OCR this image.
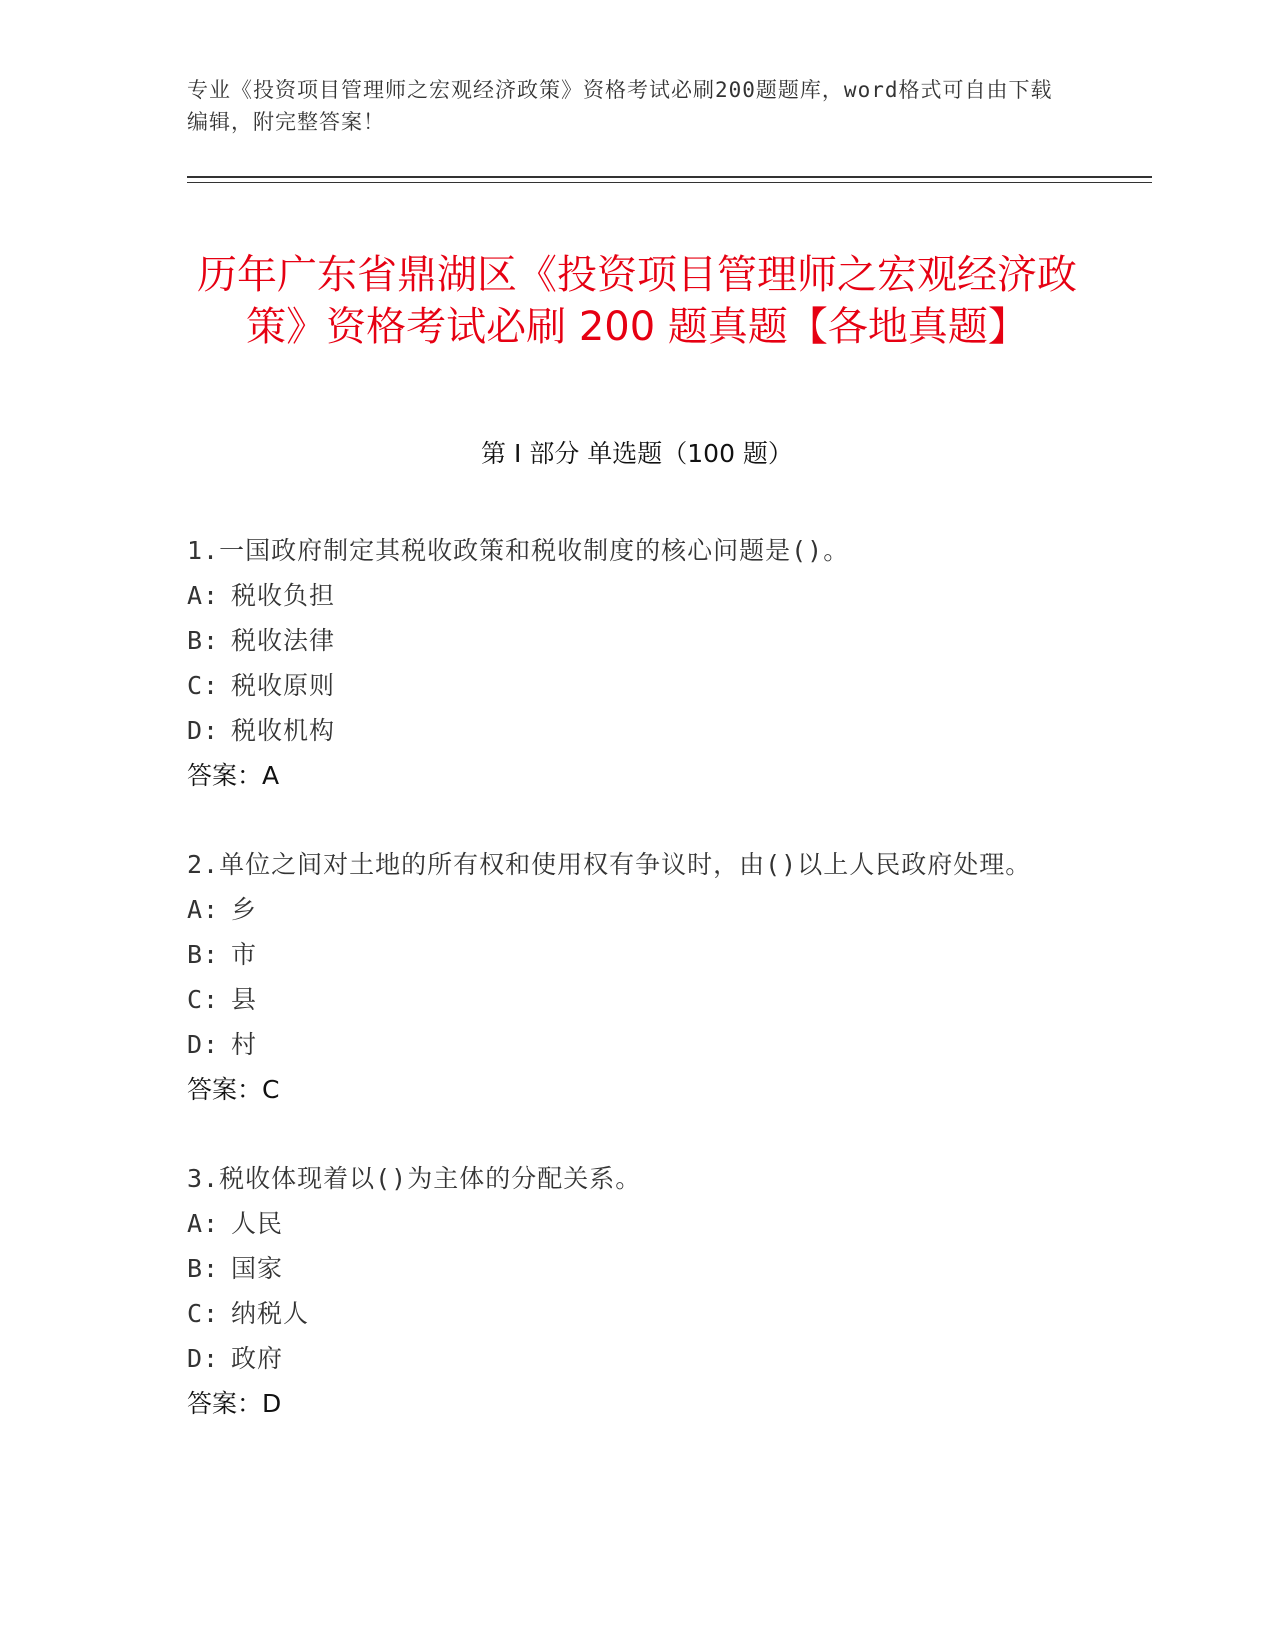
专业《投资项目管理师之宏观经济政策》资格考试必刷200题题库，word格式可自由下载编辑，附完整答案！
历年广东省鼎湖区《投资项目管理师之宏观经济政策》资格考试必刷 200 题真题【各地真题】
第 I 部分 单选题（100 题）

1.一国政府制定其税收政策和税收制度的核心问题是()。

A: 税收负担

B: 税收法律

C: 税收原则

D: 税收机构

答案：A

2.单位之间对土地的所有权和使用权有争议时，由()以上人民政府处理。

A: 乡

B: 市

C: 县

D: 村

答案：C

3.税收体现着以()为主体的分配关系。

A: 人民

B: 国家

C: 纳税人

D: 政府

答案：D
